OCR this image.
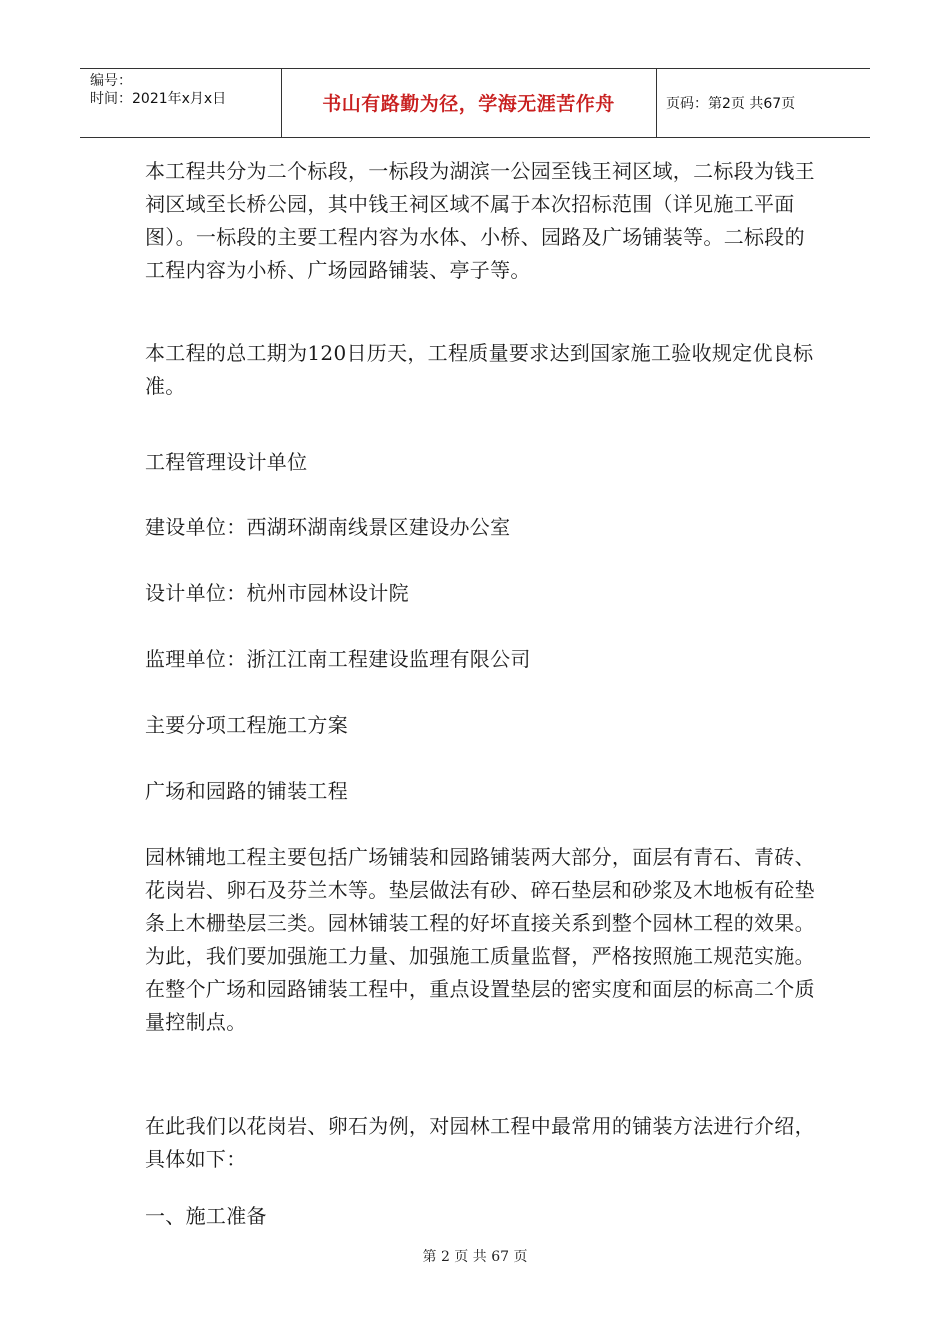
编号：
时间：2021年x月x日	书山有路勤为径，学海无涯苦作舟	页码：第2页 共67页
本工程共分为二个标段，一标段为湖滨一公园至钱王祠区域，二标段为钱王祠区域至长桥公园，其中钱王祠区域不属于本次招标范围（详见施工平面图）。一标段的主要工程内容为水体、小桥、园路及广场铺装等。二标段的工程内容为小桥、广场园路铺装、亭子等。
本工程的总工期为120日历天，工程质量要求达到国家施工验收规定优良标准。
工程管理设计单位
建设单位：西湖环湖南线景区建设办公室
设计单位：杭州市园林设计院
监理单位：浙江江南工程建设监理有限公司
主要分项工程施工方案
广场和园路的铺装工程
园林铺地工程主要包括广场铺装和园路铺装两大部分，面层有青石、青砖、花岗岩、卵石及芬兰木等。垫层做法有砂、碎石垫层和砂浆及木地板有砼垫条上木栅垫层三类。园林铺装工程的好坏直接关系到整个园林工程的效果。为此，我们要加强施工力量、加强施工质量监督，严格按照施工规范实施。在整个广场和园路铺装工程中，重点设置垫层的密实度和面层的标高二个质量控制点。
在此我们以花岗岩、卵石为例，对园林工程中最常用的铺装方法进行介绍，具体如下：
一、施工准备
第 2 页 共 67 页
